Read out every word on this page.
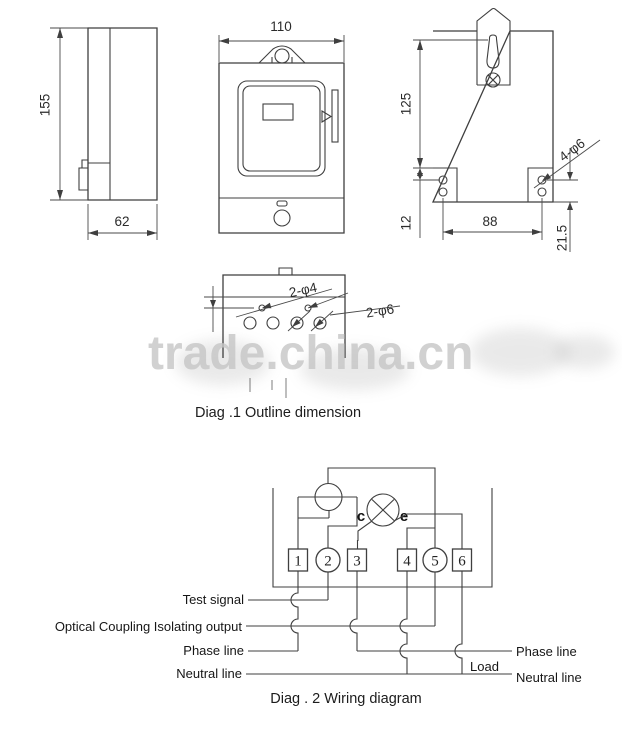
155
62
110
125
12	88
21.5
4-φ6
2-φ4
2-φ6
Diag .1 Outline dimension
c e
1 2 3	4 5 6
Test signal
Optical Coupling Isolating output
Phase line
Neutral line
Phase line
Load
Neutral line
Diag . 2 Wiring diagram
trade.china.cn
